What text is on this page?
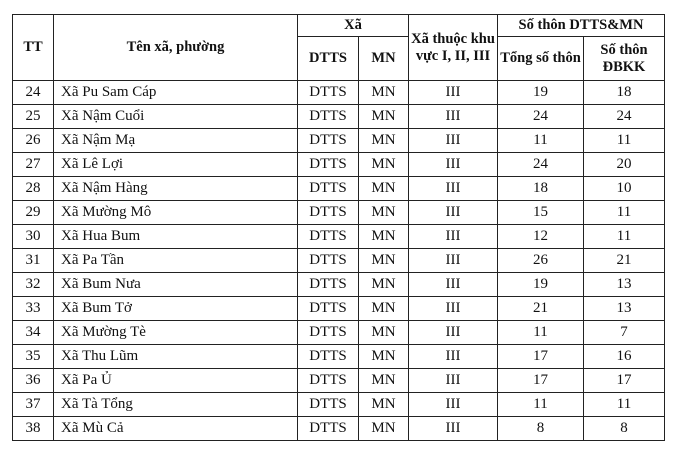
TT	Tên xã, phường	Xã		Xã thuộc khu vực I, II, III	Số thôn DTTS&MN	
		DTTS	MN		Tổng số thôn	Số thôn ĐBKK
24	Xã Pu Sam Cáp	DTTS	MN	III	19	18
25	Xã Nậm Cuổi	DTTS	MN	III	24	24
26	Xã Nậm Mạ	DTTS	MN	III	11	11
27	Xã Lê Lợi	DTTS	MN	III	24	20
28	Xã Nậm Hàng	DTTS	MN	III	18	10
29	Xã Mường Mô	DTTS	MN	III	15	11
30	Xã Hua Bum	DTTS	MN	III	12	11
31	Xã Pa Tần	DTTS	MN	III	26	21
32	Xã Bum Nưa	DTTS	MN	III	19	13
33	Xã Bum Tở	DTTS	MN	III	21	13
34	Xã Mường Tè	DTTS	MN	III	11	7
35	Xã Thu Lũm	DTTS	MN	III	17	16
36	Xã Pa Ủ	DTTS	MN	III	17	17
37	Xã Tà Tổng	DTTS	MN	III	11	11
38	Xã Mù Cả	DTTS	MN	III	8	8
